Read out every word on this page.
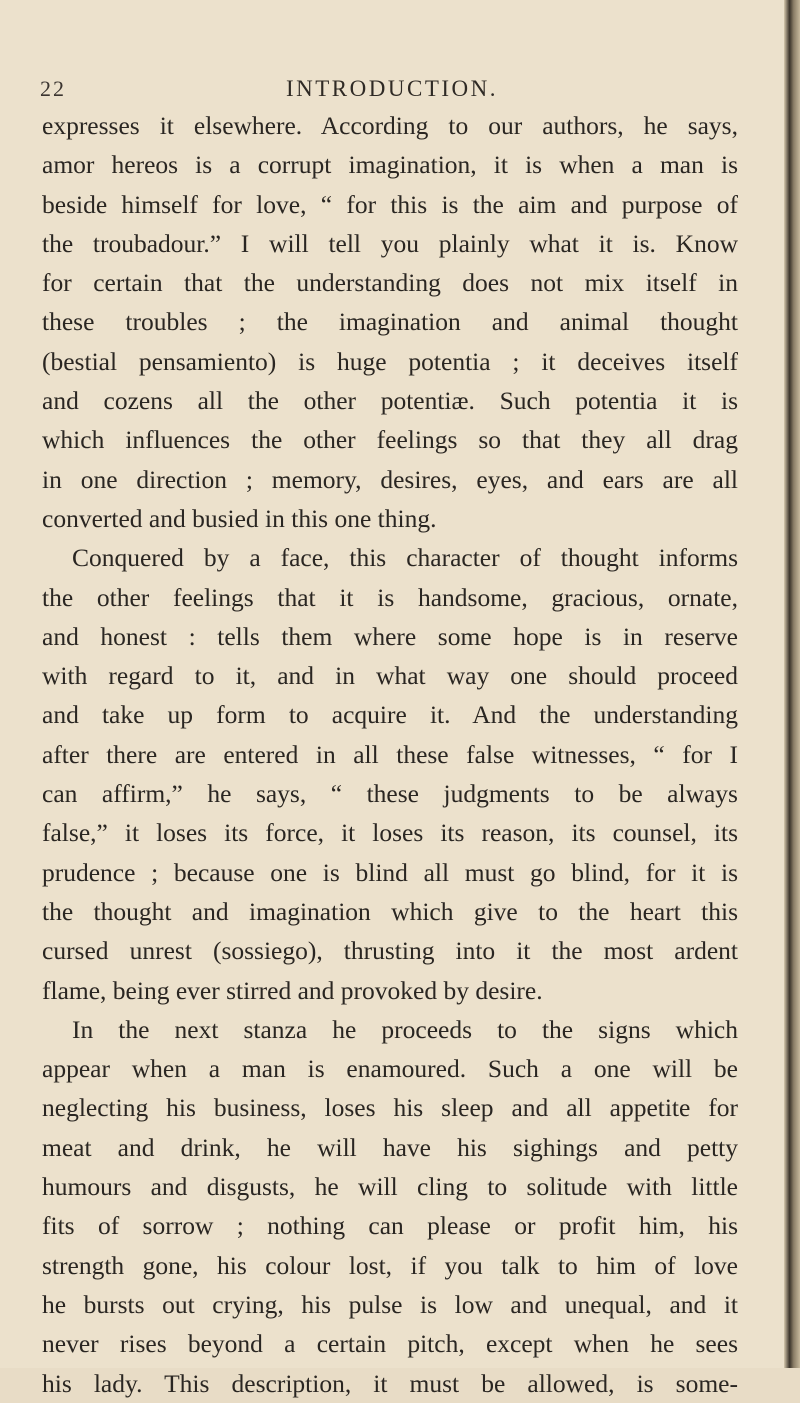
22	INTRODUCTION.
expresses it elsewhere. According to our authors, he says,
amor hereos is a corrupt imagination, it is when a man is
beside himself for love, “ for this is the aim and purpose of
the troubadour.” I will tell you plainly what it is. Know
for certain that the understanding does not mix itself in
these troubles ; the imagination and animal thought
(bestial pensamiento) is huge potentia ; it deceives itself
and cozens all the other potentiæ. Such potentia it is
which influences the other feelings so that they all drag
in one direction ; memory, desires, eyes, and ears are all
converted and busied in this one thing.
Conquered by a face, this character of thought informs
the other feelings that it is handsome, gracious, ornate,
and honest : tells them where some hope is in reserve
with regard to it, and in what way one should proceed
and take up form to acquire it. And the understanding
after there are entered in all these false witnesses, “ for I
can affirm,” he says, “ these judgments to be always
false,” it loses its force, it loses its reason, its counsel, its
prudence ; because one is blind all must go blind, for it is
the thought and imagination which give to the heart this
cursed unrest (sossiego), thrusting into it the most ardent
flame, being ever stirred and provoked by desire.
In the next stanza he proceeds to the signs which
appear when a man is enamoured. Such a one will be
neglecting his business, loses his sleep and all appetite for
meat and drink, he will have his sighings and petty
humours and disgusts, he will cling to solitude with little
fits of sorrow ; nothing can please or profit him, his
strength gone, his colour lost, if you talk to him of love
he bursts out crying, his pulse is low and unequal, and it
never rises beyond a certain pitch, except when he sees
his lady. This description, it must be allowed, is some-
